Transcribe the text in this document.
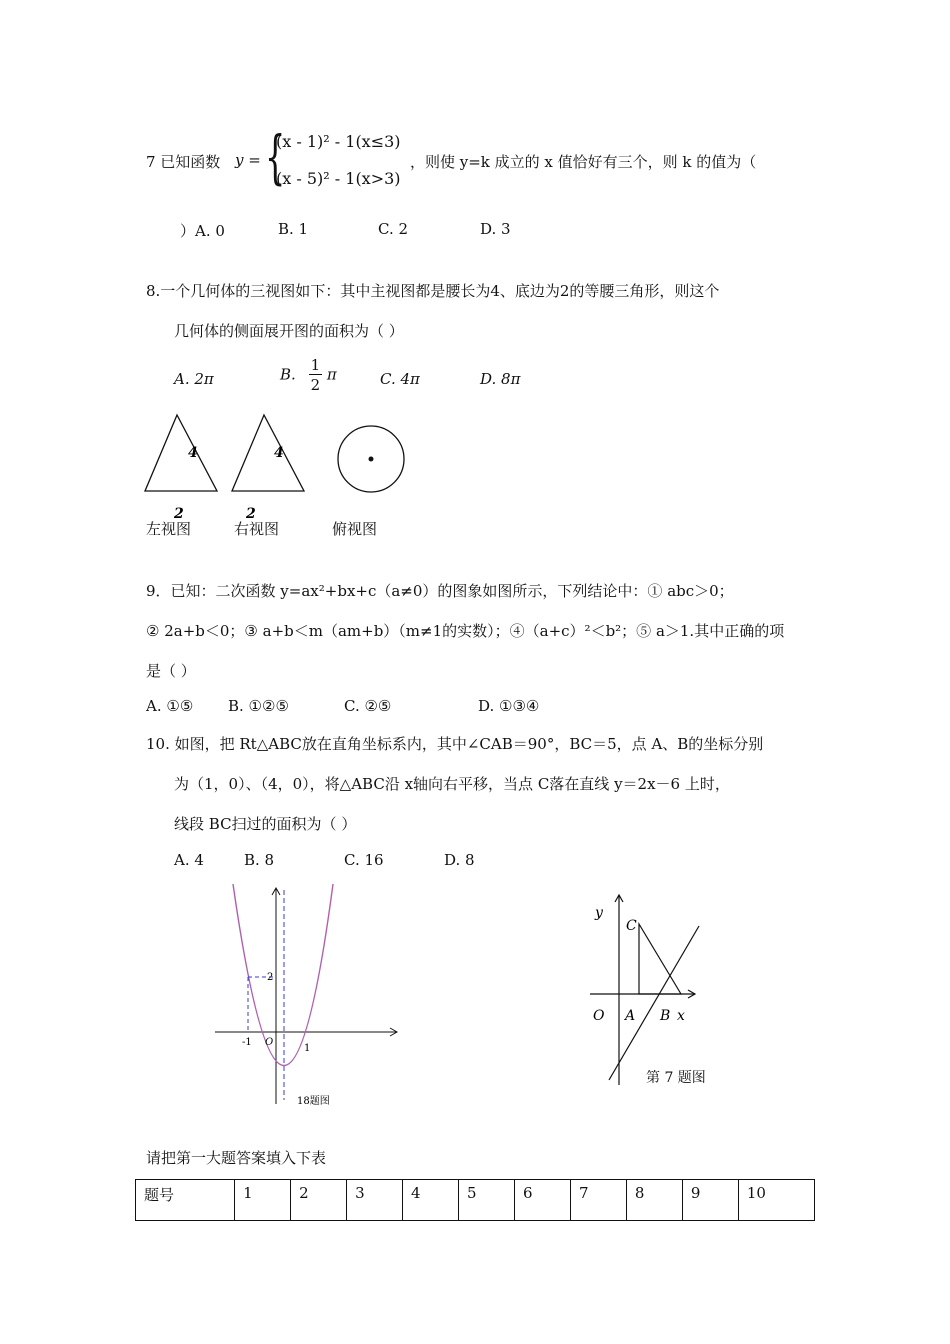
7 已知函数 y = {
(x - 1)² - 1(x≤3)
(x - 5)² - 1(x>3)
，则使 y=k 成立的 x 值恰好有三个，则 k 的值为（
）A. 0	B. 1	C. 2	D. 3
8.一个几何体的三视图如下：其中主视图都是腰长为4、底边为2的等腰三角形，则这个
几何体的侧面展开图的面积为（ ）
A. 2π	B. $\frac{1}{2}$ π	C. 4π	D. 8π
4
2
4
2
左视图	右视图	俯视图
9．已知：二次函数 y=ax²+bx+c（a≠0）的图象如图所示，下列结论中：① abc＞0；
② 2a+b＜0；③ a+b＜m（am+b）（m≠1的实数）；④（a+c）²＜b²；⑤ a＞1.其中正确的项
是（ ）
A. ①⑤ B. ①②⑤	C. ②⑤	D. ①③④
10. 如图，把 Rt△ABC放在直角坐标系内，其中∠CAB＝90°，BC＝5，点 A、B的坐标分别
为（1，0）、（4，0），将△ABC沿 x轴向右平移，当点 C落在直线 y＝2x－6 上时，
线段 BC扫过的面积为（ ）
A. 4	B. 8	C. 16	D. 8
2
-1 O
1
18题图
y
C
O A B x
第 7 题图
请把第一大题答案填入下表
题号	1	2	3	4	5	6	7	8	9	10
